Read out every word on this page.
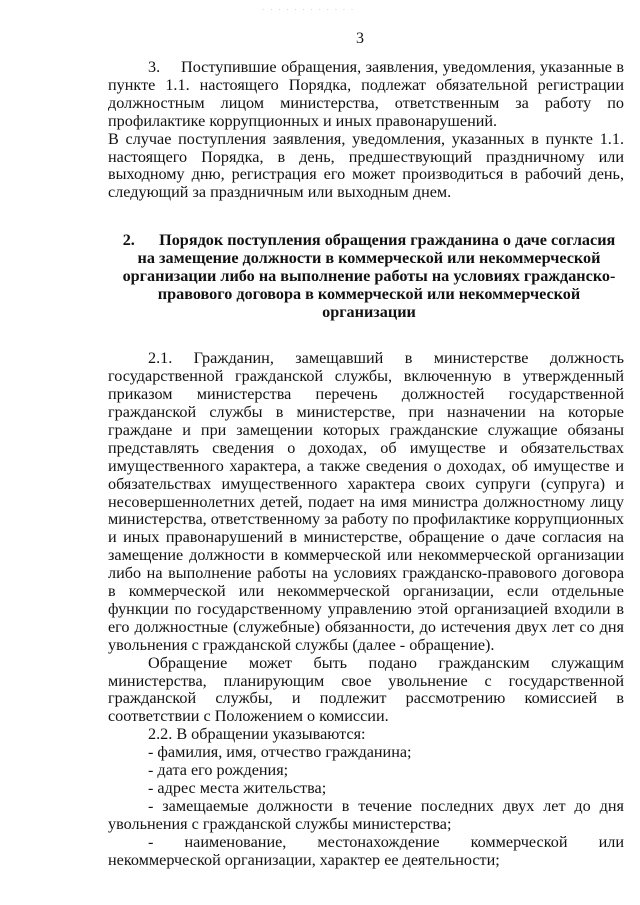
· · · · · · · · · · · ·
3

3. Поступившие обращения, заявления, уведомления, указанные в пункте 1.1. настоящего Порядка, подлежат обязательной регистрации должностным лицом министерства, ответственным за работу по профилактике коррупционных и иных правонарушений.

В случае поступления заявления, уведомления, указанных в пункте 1.1. настоящего Порядка, в день, предшествующий праздничному или выходному дню, регистрация его может производиться в рабочий день, следующий за праздничным или выходным днем.

2. Порядок поступления обращения гражданина о даче согласия на замещение должности в коммерческой или некоммерческой организации либо на выполнение работы на условиях гражданско-правового договора в коммерческой или некоммерческой организации

2.1. Гражданин, замещавший в министерстве должность государственной гражданской службы, включенную в утвержденный приказом министерства перечень должностей государственной гражданской службы в министерстве, при назначении на которые граждане и при замещении которых гражданские служащие обязаны представлять сведения о доходах, об имуществе и обязательствах имущественного характера, а также сведения о доходах, об имуществе и обязательствах имущественного характера своих супруги (супруга) и несовершеннолетних детей, подает на имя министра должностному лицу министерства, ответственному за работу по профилактике коррупционных и иных правонарушений в министерстве, обращение о даче согласия на замещение должности в коммерческой или некоммерческой организации либо на выполнение работы на условиях гражданско-правового договора в коммерческой или некоммерческой организации, если отдельные функции по государственному управлению этой организацией входили в его должностные (служебные) обязанности, до истечения двух лет со дня увольнения с гражданской службы (далее - обращение).

Обращение может быть подано гражданским служащим министерства, планирующим свое увольнение с государственной гражданской службы, и подлежит рассмотрению комиссией в соответствии с Положением о комиссии.

2.2. В обращении указываются:

- фамилия, имя, отчество гражданина;

- дата его рождения;

- адрес места жительства;

- замещаемые должности в течение последних двух лет до дня увольнения с гражданской службы министерства;

- наименование, местонахождение коммерческой или некоммерческой организации, характер ее деятельности;
